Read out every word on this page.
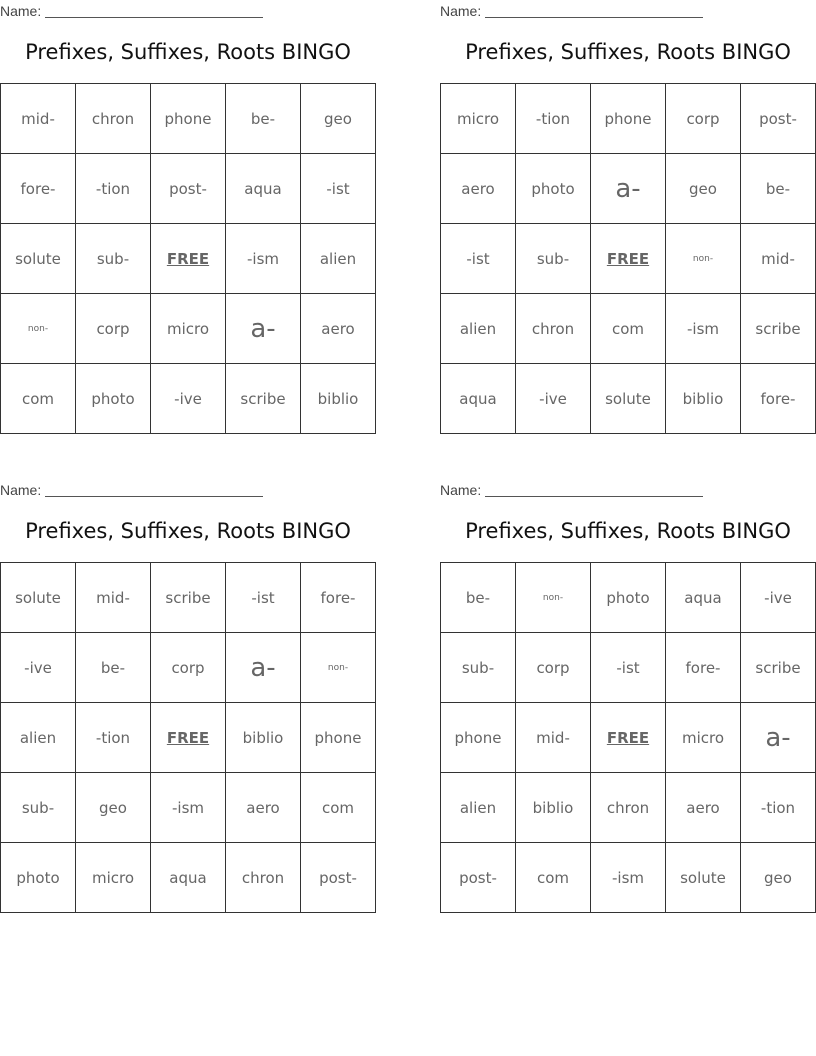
Name:
Prefixes, Suffixes, Roots BINGO
mid-	chron	phone	be-	geo
fore-	-tion	post-	aqua	-ist
solute	sub-	FREE	-ism	alien
non-	corp	micro	a-	aero
com	photo	-ive	scribe	biblio
Name:
Prefixes, Suffixes, Roots BINGO
micro	-tion	phone	corp	post-
aero	photo	a-	geo	be-
-ist	sub-	FREE	non-	mid-
alien	chron	com	-ism	scribe
aqua	-ive	solute	biblio	fore-
Name:
Prefixes, Suffixes, Roots BINGO
solute	mid-	scribe	-ist	fore-
-ive	be-	corp	a-	non-
alien	-tion	FREE	biblio	phone
sub-	geo	-ism	aero	com
photo	micro	aqua	chron	post-
Name:
Prefixes, Suffixes, Roots BINGO
be-	non-	photo	aqua	-ive
sub-	corp	-ist	fore-	scribe
phone	mid-	FREE	micro	a-
alien	biblio	chron	aero	-tion
post-	com	-ism	solute	geo
